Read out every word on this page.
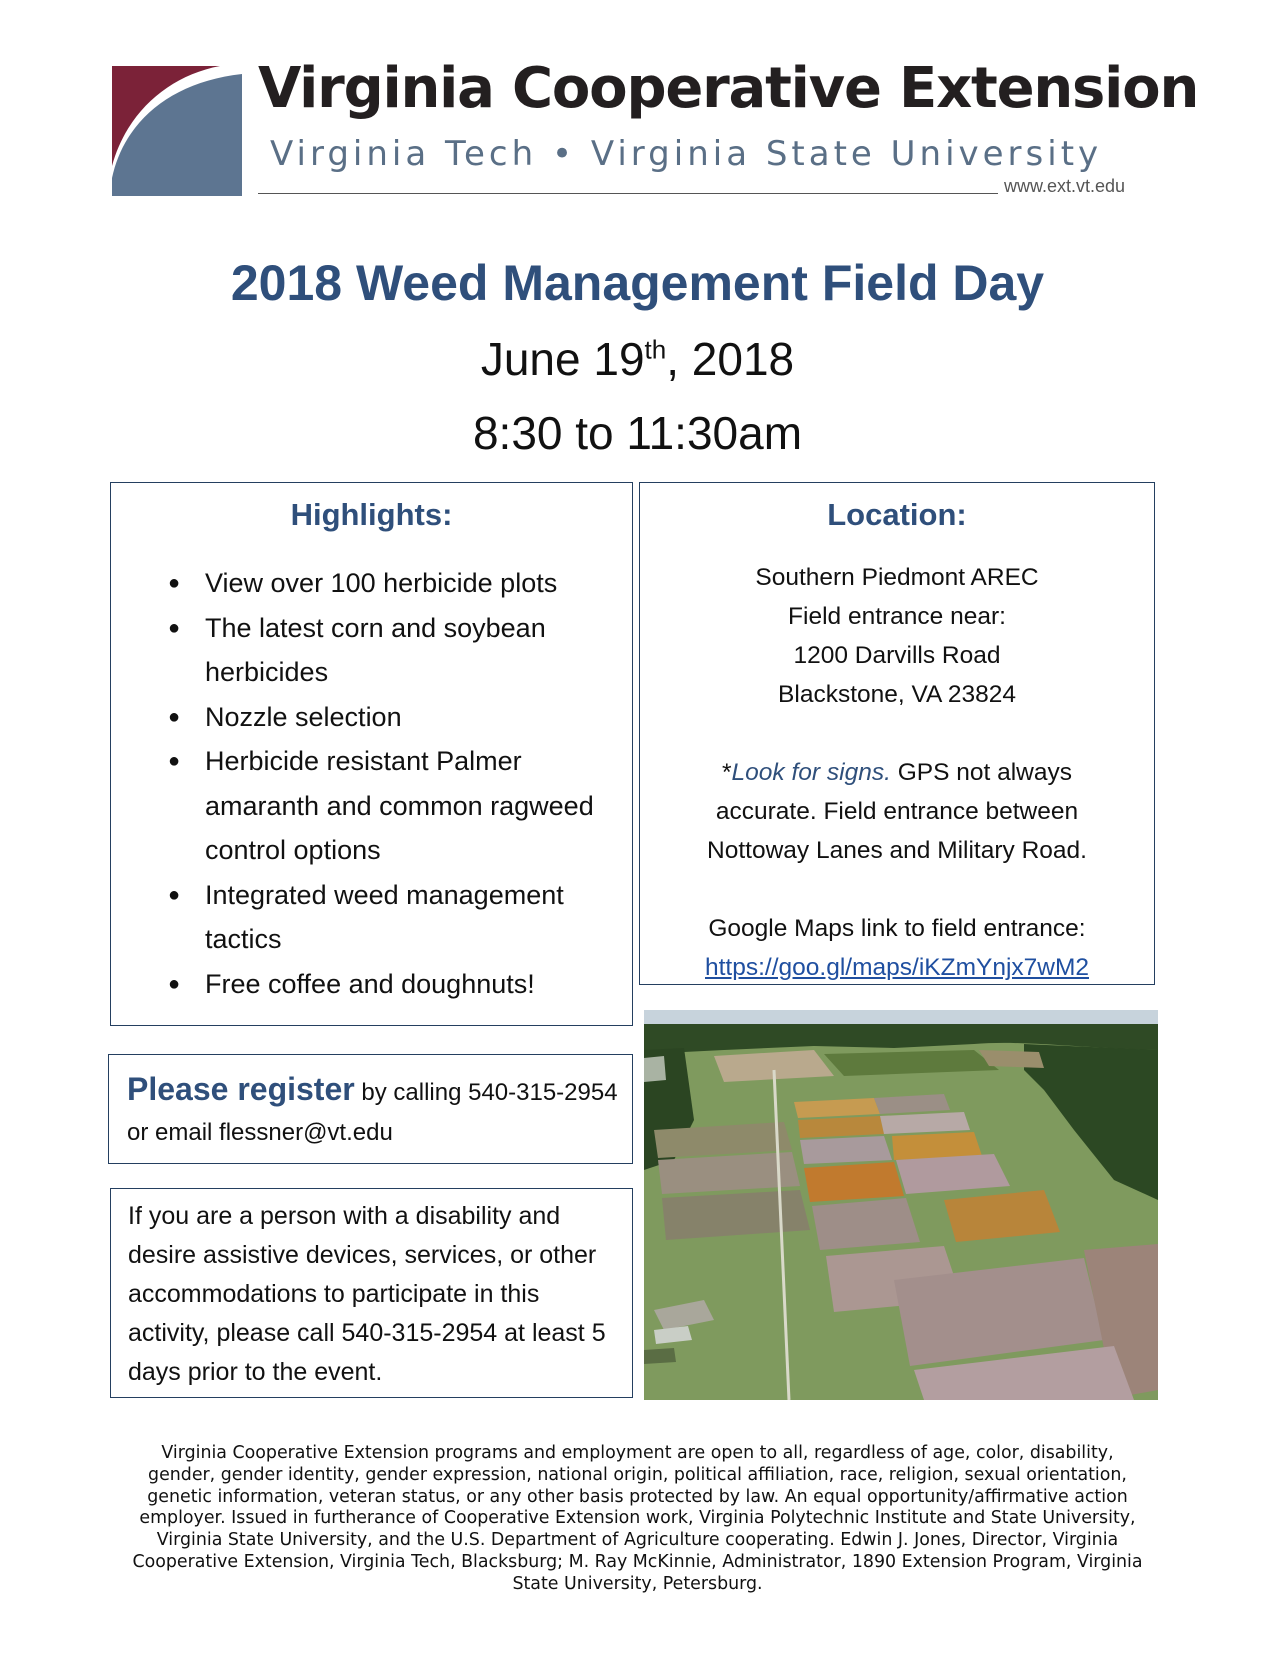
Virginia Cooperative Extension
Virginia Tech • Virginia State University
www.ext.vt.edu
2018 Weed Management Field Day
June 19th, 2018
8:30 to 11:30am
Highlights:
● View over 100 herbicide plots
● The latest corn and soybean herbicides
● Nozzle selection
● Herbicide resistant Palmer amaranth and common ragweed control options
● Integrated weed management tactics
● Free coffee and doughnuts!
Location:
Southern Piedmont AREC
Field entrance near:
1200 Darvills Road
Blackstone, VA 23824
*Look for signs. GPS not always
accurate. Field entrance between
Nottoway Lanes and Military Road.
Google Maps link to field entrance:
https://goo.gl/maps/iKZmYnjx7wM2
Please register by calling 540-315-2954 or email flessner@vt.edu
If you are a person with a disability and desire assistive devices, services, or other accommodations to participate in this activity, please call 540-315-2954 at least 5 days prior to the event.
Virginia Cooperative Extension programs and employment are open to all, regardless of age, color, disability, gender, gender identity, gender expression, national origin, political affiliation, race, religion, sexual orientation, genetic information, veteran status, or any other basis protected by law. An equal opportunity/affirmative action employer. Issued in furtherance of Cooperative Extension work, Virginia Polytechnic Institute and State University, Virginia State University, and the U.S. Department of Agriculture cooperating. Edwin J. Jones, Director, Virginia Cooperative Extension, Virginia Tech, Blacksburg; M. Ray McKinnie, Administrator, 1890 Extension Program, Virginia State University, Petersburg.
